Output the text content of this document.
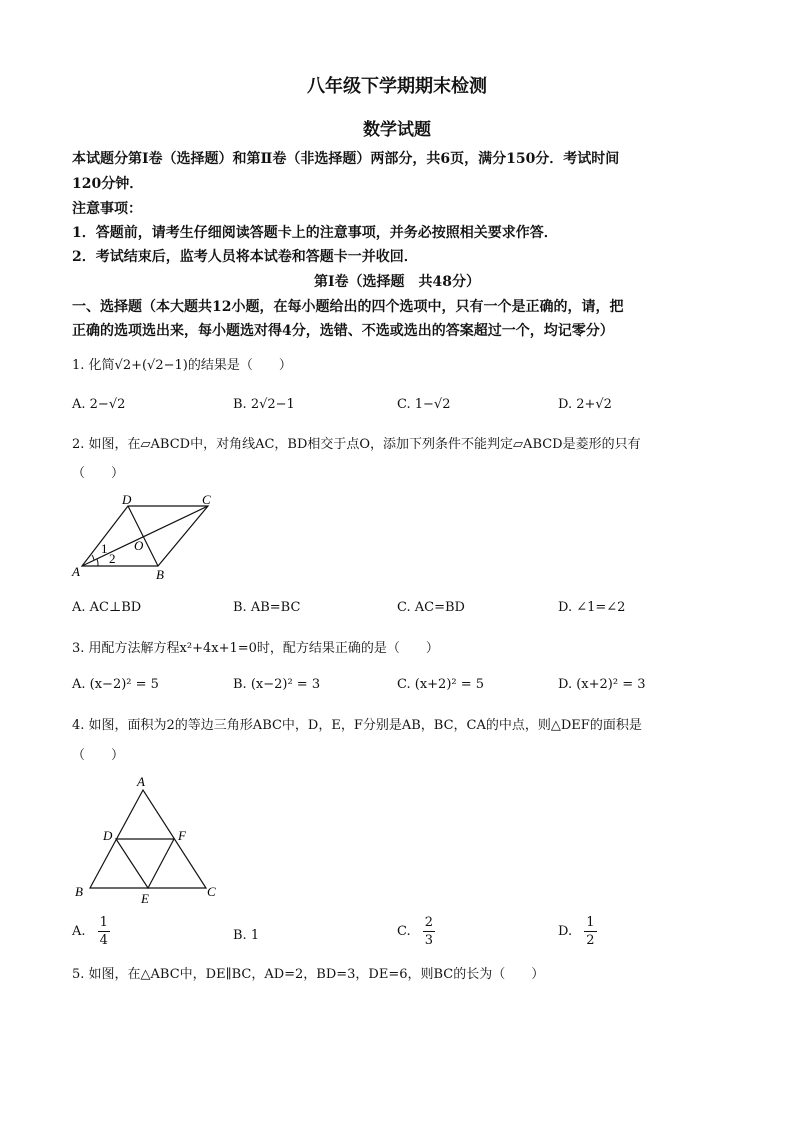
八年级下学期期末检测
数学试题
本试题分第Ⅰ卷（选择题）和第Ⅱ卷（非选择题）两部分，共6页，满分150分．考试时间
120分钟．
注意事项：
1．答题前，请考生仔细阅读答题卡上的注意事项，并务必按照相关要求作答．
2．考试结束后，监考人员将本试卷和答题卡一并收回．
第Ⅰ卷（选择题　共48分）
一、选择题（本大题共12小题，在每小题给出的四个选项中，只有一个是正确的，请，把
正确的选项选出来，每小题选对得4分，选错、不选或选出的答案超过一个，均记零分）
1. 化简√2+(√2−1)的结果是（　　）
A. 2−√2	B. 2√2−1	C. 1−√2	D. 2+√2
2. 如图，在▱ABCD中，对角线AC，BD相交于点O，添加下列条件不能判定▱ABCD是菱形的只有
（　　）
D	C
O
1
2
A	B
A. AC⊥BD	B. AB=BC	C. AC=BD	D. ∠1=∠2
3. 用配方法解方程x²+4x+1=0时，配方结果正确的是（　　）
A. (x−2)² = 5	B. (x−2)² = 3	C. (x+2)² = 5	D. (x+2)² = 3
4. 如图，面积为2的等边三角形ABC中，D，E，F分别是AB，BC，CA的中点，则△DEF的面积是
（　　）
A
D	F
B	E	C
A. $\frac{1}{4}$	B. 1	C. $\frac{2}{3}$	D. $\frac{1}{2}$
5. 如图，在△ABC中，DE∥BC，AD=2，BD=3，DE=6，则BC的长为（　　）
